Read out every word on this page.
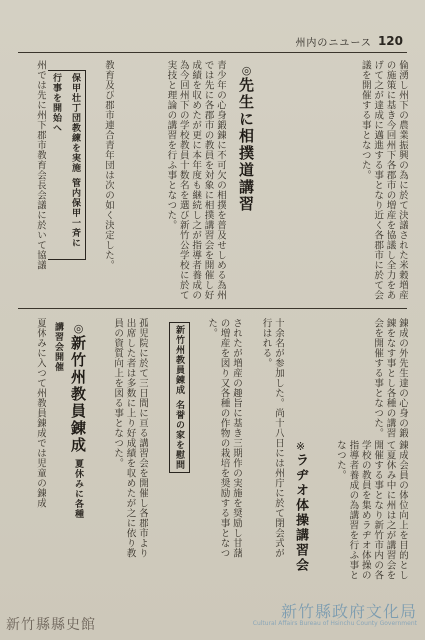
州内のニユース 120
州では先に州下郡市教育会長会議に於いて協議	保甲壮丁団教練を実施 管内保甲一斉に行事を開始へ	教育及び郡市連合青年団は次の如く決定した。	青少年の心身鍛錬に不可欠の相撲を普及せしめる為州では先に各郡市の教員を対象に相撲講習会を開催し好成績を収めたが更に本年度も継続し之が指導者養成の為今回州下の学校教員十数名を選び新竹公学校に於て実技と理論の講習を行ふ事となつた。	◎先生に相撲道講習	倫湧し州下の農業振興の為に於て決議された米穀増産の施策に基き今回州下各郡市の増産を協議し全力をあげて之が達成に邁進する事となり近く各郡市に於て会議を開催する事となつた。
夏休みに入つて州教員錬成では児童の錬成	◎新竹州教員錬成 夏休みに各種講習会開催	孤児院に於て三日間に亘る講習会を開催し各郡市より出席した者は多数に上り好成績を収めたが之に依り教員の資質向上を図る事となつた。	新竹州教員錬成 名誉の家を慰問	されたが増産の趣旨に基き三期作の実施を奨励し甘藷の増産を図り又各種の作物の栽培を奨励する事となつた。	十余名が参加した。尚十八日には州庁に於て閉会式が行はれる。
※ラヂオ体操講習会
錬成の外先生達の心身の鍛錬をなす事とし各種の講習会を開催する事となつた。
錬成会員の体位向上を目的として夏休み中に州は之が講習会を開催する事となり新竹市内の各学校の教員を集めラヂオ体操の指導者養成の為講習を行ふ事となつた。
新竹縣縣史館
新竹縣政府文化局
Cultural Affairs Bureau of Hsinchu County Government
